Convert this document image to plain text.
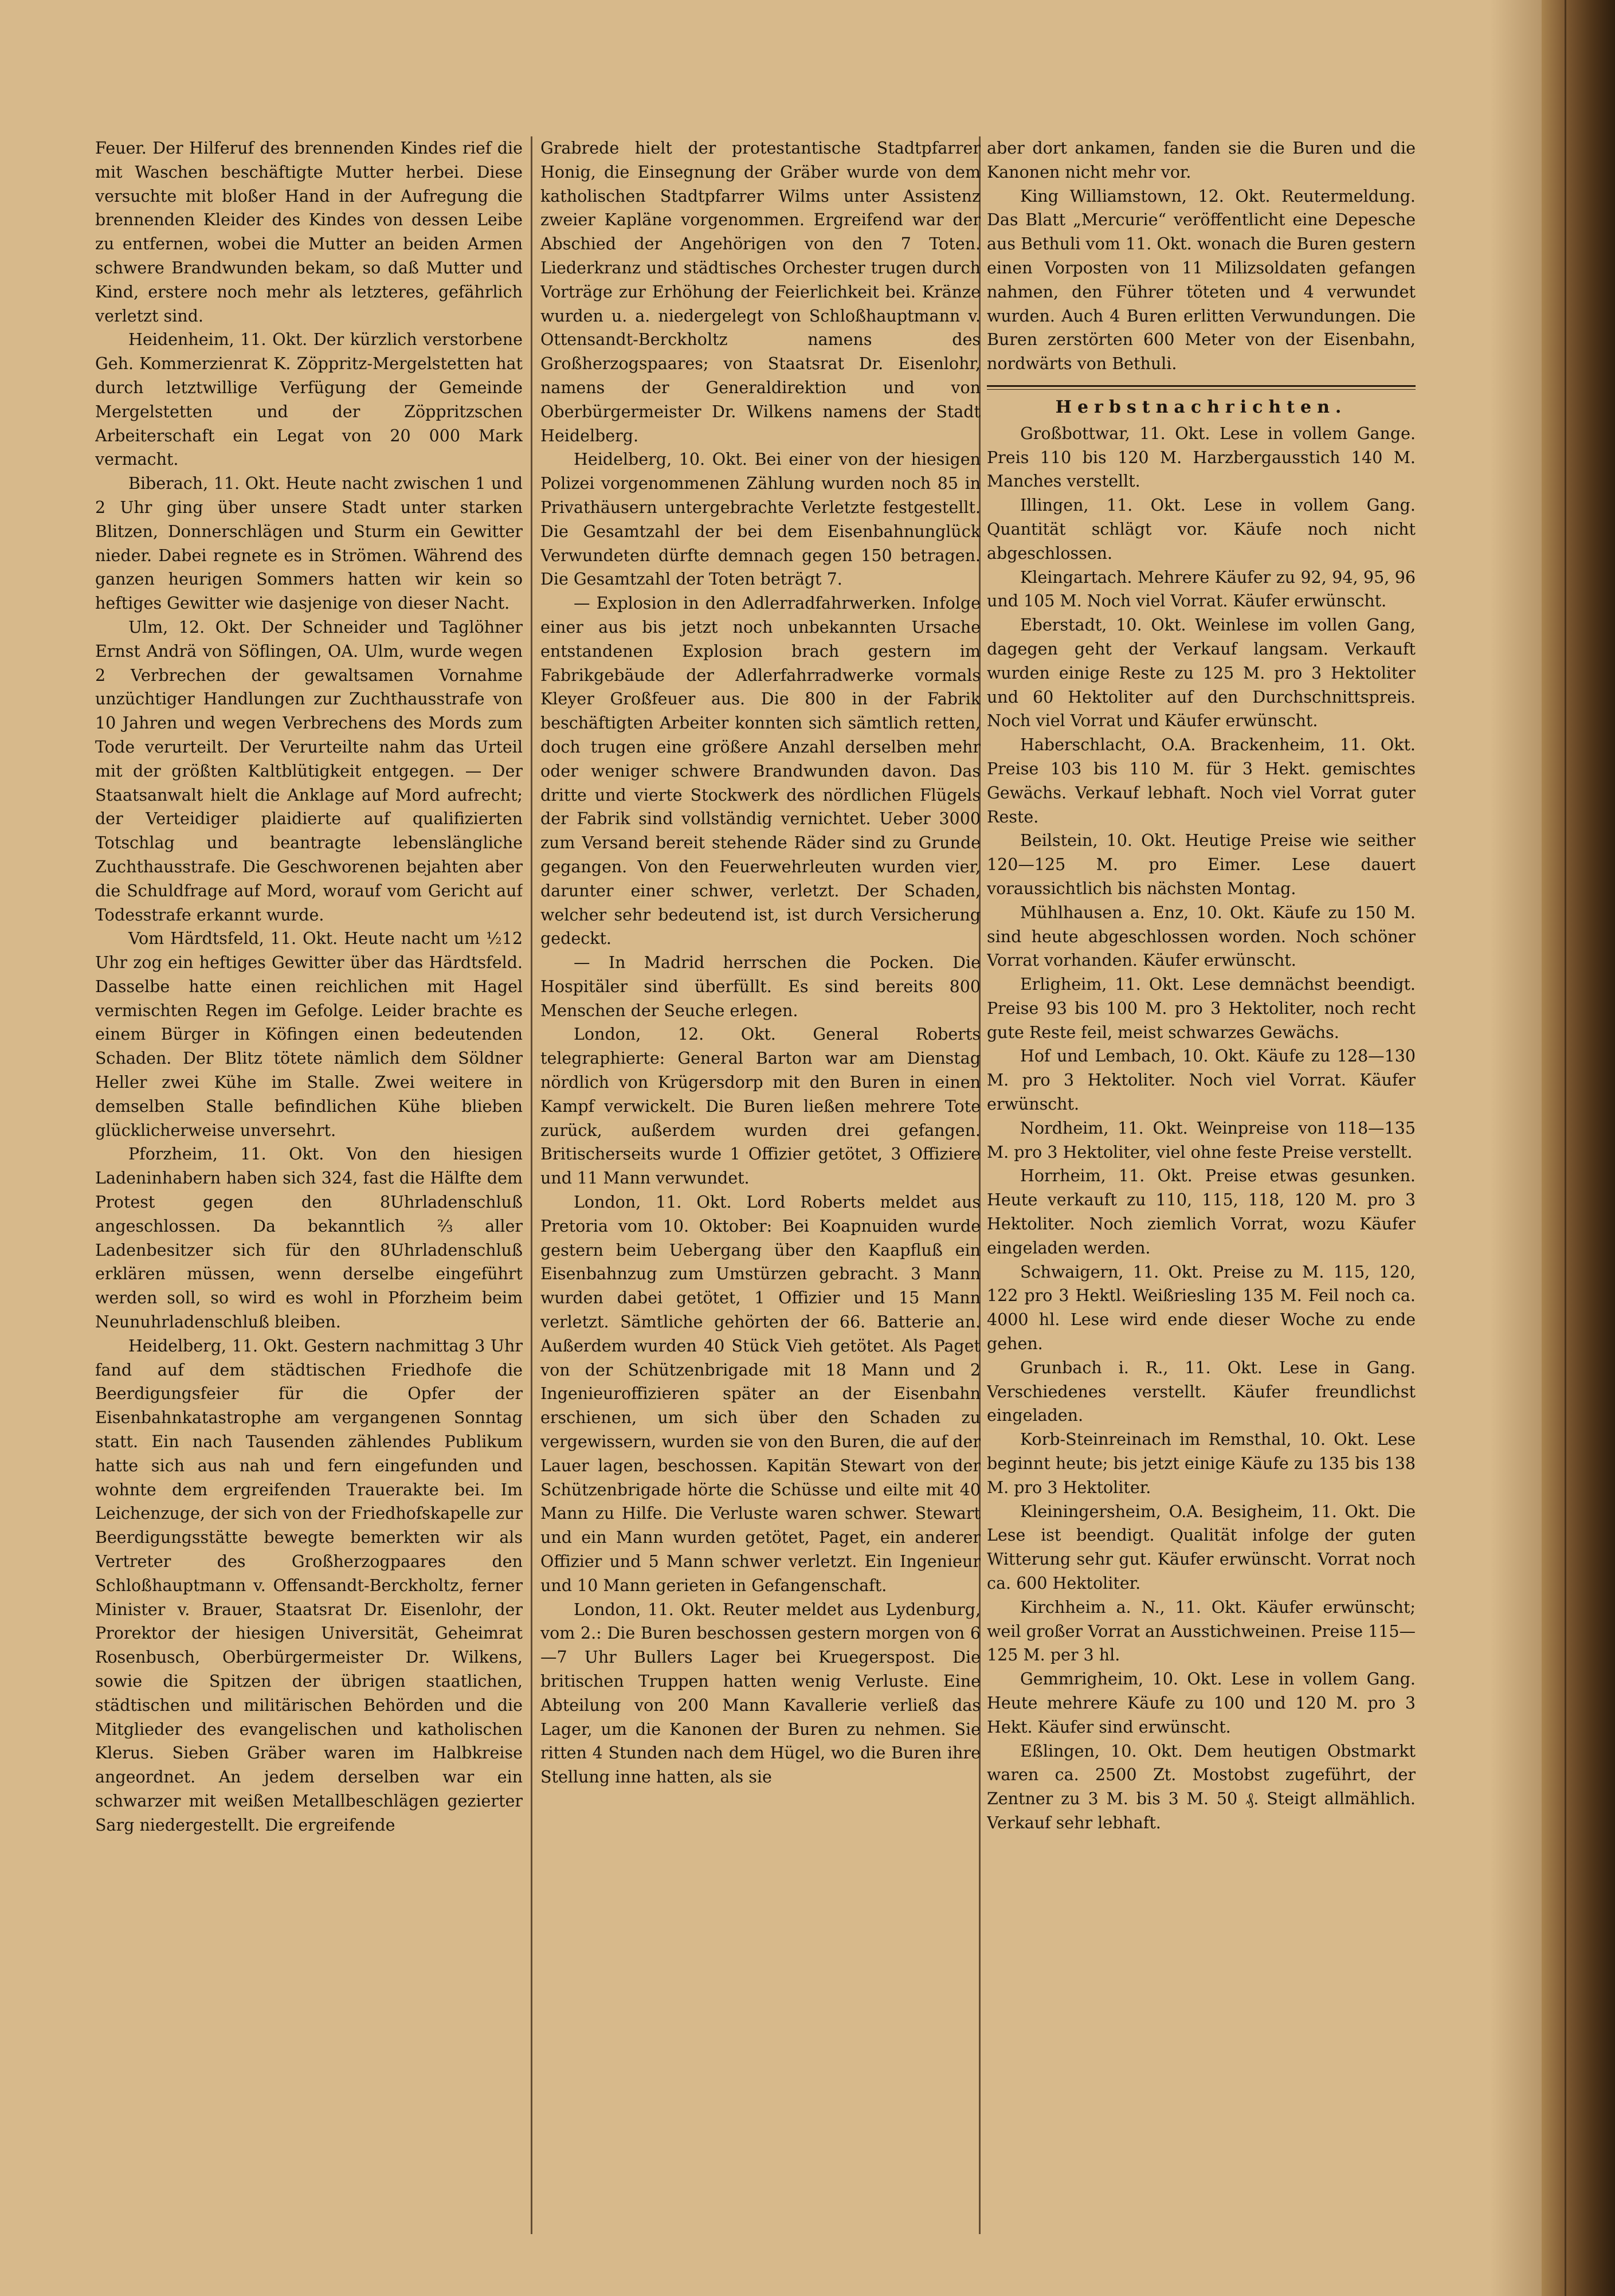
Feuer. Der Hilferuf des brennenden Kindes rief die mit Waschen beschäftigte Mutter herbei. Diese versuchte mit bloßer Hand in der Aufregung die brennenden Kleider des Kindes von dessen Leibe zu entfernen, wobei die Mutter an beiden Armen schwere Brandwunden bekam, so daß Mutter und Kind, erstere noch mehr als letzteres, gefährlich verletzt sind.

Heidenheim, 11. Okt. Der kürzlich verstorbene Geh. Kommerzienrat K. Zöppritz-Mergelstetten hat durch letztwillige Verfügung der Gemeinde Mergelstetten und der Zöppritzschen Arbeiterschaft ein Legat von 20 000 Mark vermacht.

Biberach, 11. Okt. Heute nacht zwischen 1 und 2 Uhr ging über unsere Stadt unter starken Blitzen, Donnerschlägen und Sturm ein Gewitter nieder. Dabei regnete es in Strömen. Während des ganzen heurigen Sommers hatten wir kein so heftiges Gewitter wie dasjenige von dieser Nacht.

Ulm, 12. Okt. Der Schneider und Taglöhner Ernst Andrä von Söflingen, OA. Ulm, wurde wegen 2 Verbrechen der gewaltsamen Vornahme unzüchtiger Handlungen zur Zuchthausstrafe von 10 Jahren und wegen Verbrechens des Mords zum Tode verurteilt. Der Verurteilte nahm das Urteil mit der größten Kaltblütigkeit entgegen. — Der Staatsanwalt hielt die Anklage auf Mord aufrecht; der Verteidiger plaidierte auf qualifizierten Totschlag und beantragte lebenslängliche Zuchthausstrafe. Die Geschworenen bejahten aber die Schuldfrage auf Mord, worauf vom Gericht auf Todesstrafe erkannt wurde.

Vom Härdtsfeld, 11. Okt. Heute nacht um ½12 Uhr zog ein heftiges Gewitter über das Härdtsfeld. Dasselbe hatte einen reichlichen mit Hagel vermischten Regen im Gefolge. Leider brachte es einem Bürger in Köfingen einen bedeutenden Schaden. Der Blitz tötete nämlich dem Söldner Heller zwei Kühe im Stalle. Zwei weitere in demselben Stalle befindlichen Kühe blieben glücklicherweise unversehrt.

Pforzheim, 11. Okt. Von den hiesigen Ladeninhabern haben sich 324, fast die Hälfte dem Protest gegen den 8Uhrladenschluß angeschlossen. Da bekanntlich ⅔ aller Ladenbesitzer sich für den 8Uhrladenschluß erklären müssen, wenn derselbe eingeführt werden soll, so wird es wohl in Pforzheim beim Neunuhrladenschluß bleiben.

Heidelberg, 11. Okt. Gestern nachmittag 3 Uhr fand auf dem städtischen Friedhofe die Beerdigungsfeier für die Opfer der Eisenbahnkatastrophe am vergangenen Sonntag statt. Ein nach Tausenden zählendes Publikum hatte sich aus nah und fern eingefunden und wohnte dem ergreifenden Trauerakte bei. Im Leichenzuge, der sich von der Friedhofskapelle zur Beerdigungsstätte bewegte bemerkten wir als Vertreter des Großherzogpaares den Schloßhauptmann v. Offensandt-Berckholtz, ferner Minister v. Brauer, Staatsrat Dr. Eisenlohr, der Prorektor der hiesigen Universität, Geheimrat Rosenbusch, Oberbürgermeister Dr. Wilkens, sowie die Spitzen der übrigen staatlichen, städtischen und militärischen Behörden und die Mitglieder des evangelischen und katholischen Klerus. Sieben Gräber waren im Halbkreise angeordnet. An jedem derselben war ein schwarzer mit weißen Metallbeschlägen gezierter Sarg niedergestellt. Die ergreifende

Grabrede hielt der protestantische Stadtpfarrer Honig, die Einsegnung der Gräber wurde von dem katholischen Stadtpfarrer Wilms unter Assistenz zweier Kapläne vorgenommen. Ergreifend war der Abschied der Angehörigen von den 7 Toten. Liederkranz und städtisches Orchester trugen durch Vorträge zur Erhöhung der Feierlichkeit bei. Kränze wurden u. a. niedergelegt von Schloßhauptmann v. Ottensandt-Berckholtz namens des Großherzogspaares; von Staatsrat Dr. Eisenlohr, namens der Generaldirektion und von Oberbürgermeister Dr. Wilkens namens der Stadt Heidelberg.

Heidelberg, 10. Okt. Bei einer von der hiesigen Polizei vorgenommenen Zählung wurden noch 85 in Privathäusern untergebrachte Verletzte festgestellt. Die Gesamtzahl der bei dem Eisenbahnunglück Verwundeten dürfte demnach gegen 150 betragen. Die Gesamtzahl der Toten beträgt 7.

— Explosion in den Adlerradfahrwerken. Infolge einer aus bis jetzt noch unbekannten Ursache entstandenen Explosion brach gestern im Fabrikgebäude der Adlerfahrradwerke vormals Kleyer Großfeuer aus. Die 800 in der Fabrik beschäftigten Arbeiter konnten sich sämtlich retten, doch trugen eine größere Anzahl derselben mehr oder weniger schwere Brandwunden davon. Das dritte und vierte Stockwerk des nördlichen Flügels der Fabrik sind vollständig vernichtet. Ueber 3000 zum Versand bereit stehende Räder sind zu Grunde gegangen. Von den Feuerwehrleuten wurden vier, darunter einer schwer, verletzt. Der Schaden, welcher sehr bedeutend ist, ist durch Versicherung gedeckt.

— In Madrid herrschen die Pocken. Die Hospitäler sind überfüllt. Es sind bereits 800 Menschen der Seuche erlegen.

London, 12. Okt. General Roberts telegraphierte: General Barton war am Dienstag nördlich von Krügersdorp mit den Buren in einen Kampf verwickelt. Die Buren ließen mehrere Tote zurück, außerdem wurden drei gefangen. Britischerseits wurde 1 Offizier getötet, 3 Offiziere und 11 Mann verwundet.

London, 11. Okt. Lord Roberts meldet aus Pretoria vom 10. Oktober: Bei Koapnuiden wurde gestern beim Uebergang über den Kaapfluß ein Eisenbahnzug zum Umstürzen gebracht. 3 Mann wurden dabei getötet, 1 Offizier und 15 Mann verletzt. Sämtliche gehörten der 66. Batterie an. Außerdem wurden 40 Stück Vieh getötet. Als Paget von der Schützenbrigade mit 18 Mann und 2 Ingenieuroffizieren später an der Eisenbahn erschienen, um sich über den Schaden zu vergewissern, wurden sie von den Buren, die auf der Lauer lagen, beschossen. Kapitän Stewart von der Schützenbrigade hörte die Schüsse und eilte mit 40 Mann zu Hilfe. Die Verluste waren schwer. Stewart und ein Mann wurden getötet, Paget, ein anderer Offizier und 5 Mann schwer verletzt. Ein Ingenieur und 10 Mann gerieten in Gefangenschaft.

London, 11. Okt. Reuter meldet aus Lydenburg, vom 2.: Die Buren beschossen gestern morgen von 6—7 Uhr Bullers Lager bei Kruegerspost. Die britischen Truppen hatten wenig Verluste. Eine Abteilung von 200 Mann Kavallerie verließ das Lager, um die Kanonen der Buren zu nehmen. Sie ritten 4 Stunden nach dem Hügel, wo die Buren ihre Stellung inne hatten, als sie

aber dort ankamen, fanden sie die Buren und die Kanonen nicht mehr vor.

King Williamstown, 12. Okt. Reutermeldung. Das Blatt „Mercurie“ veröffentlicht eine Depesche aus Bethuli vom 11. Okt. wonach die Buren gestern einen Vorposten von 11 Milizsoldaten gefangen nahmen, den Führer töteten und 4 verwundet wurden. Auch 4 Buren erlitten Verwundungen. Die Buren zerstörten 600 Meter von der Eisenbahn, nordwärts von Bethuli.

Herbstnachrichten.

Großbottwar, 11. Okt. Lese in vollem Gange. Preis 110 bis 120 M. Harzbergausstich 140 M. Manches verstellt.

Illingen, 11. Okt. Lese in vollem Gang. Quantität schlägt vor. Käufe noch nicht abgeschlossen.

Kleingartach. Mehrere Käufer zu 92, 94, 95, 96 und 105 M. Noch viel Vorrat. Käufer erwünscht.

Eberstadt, 10. Okt. Weinlese im vollen Gang, dagegen geht der Verkauf langsam. Verkauft wurden einige Reste zu 125 M. pro 3 Hektoliter und 60 Hektoliter auf den Durchschnittspreis. Noch viel Vorrat und Käufer erwünscht.

Haberschlacht, O.A. Brackenheim, 11. Okt. Preise 103 bis 110 M. für 3 Hekt. gemischtes Gewächs. Verkauf lebhaft. Noch viel Vorrat guter Reste.

Beilstein, 10. Okt. Heutige Preise wie seither 120—125 M. pro Eimer. Lese dauert voraussichtlich bis nächsten Montag.

Mühlhausen a. Enz, 10. Okt. Käufe zu 150 M. sind heute abgeschlossen worden. Noch schöner Vorrat vorhanden. Käufer erwünscht.

Erligheim, 11. Okt. Lese demnächst beendigt. Preise 93 bis 100 M. pro 3 Hektoliter, noch recht gute Reste feil, meist schwarzes Gewächs.

Hof und Lembach, 10. Okt. Käufe zu 128—130 M. pro 3 Hektoliter. Noch viel Vorrat. Käufer erwünscht.

Nordheim, 11. Okt. Weinpreise von 118—135 M. pro 3 Hektoliter, viel ohne feste Preise verstellt.

Horrheim, 11. Okt. Preise etwas gesunken. Heute verkauft zu 110, 115, 118, 120 M. pro 3 Hektoliter. Noch ziemlich Vorrat, wozu Käufer eingeladen werden.

Schwaigern, 11. Okt. Preise zu M. 115, 120, 122 pro 3 Hektl. Weißriesling 135 M. Feil noch ca. 4000 hl. Lese wird ende dieser Woche zu ende gehen.

Grunbach i. R., 11. Okt. Lese in Gang. Verschiedenes verstellt. Käufer freundlichst eingeladen.

Korb-Steinreinach im Remsthal, 10. Okt. Lese beginnt heute; bis jetzt einige Käufe zu 135 bis 138 M. pro 3 Hektoliter.

Kleiningersheim, O.A. Besigheim, 11. Okt. Die Lese ist beendigt. Qualität infolge der guten Witterung sehr gut. Käufer erwünscht. Vorrat noch ca. 600 Hektoliter.

Kirchheim a. N., 11. Okt. Käufer erwünscht; weil großer Vorrat an Ausstichweinen. Preise 115—125 M. per 3 hl.

Gemmrigheim, 10. Okt. Lese in vollem Gang. Heute mehrere Käufe zu 100 und 120 M. pro 3 Hekt. Käufer sind erwünscht.

Eßlingen, 10. Okt. Dem heutigen Obstmarkt waren ca. 2500 Zt. Mostobst zugeführt, der Zentner zu 3 M. bis 3 M. 50 ₰. Steigt allmählich. Verkauf sehr lebhaft.
